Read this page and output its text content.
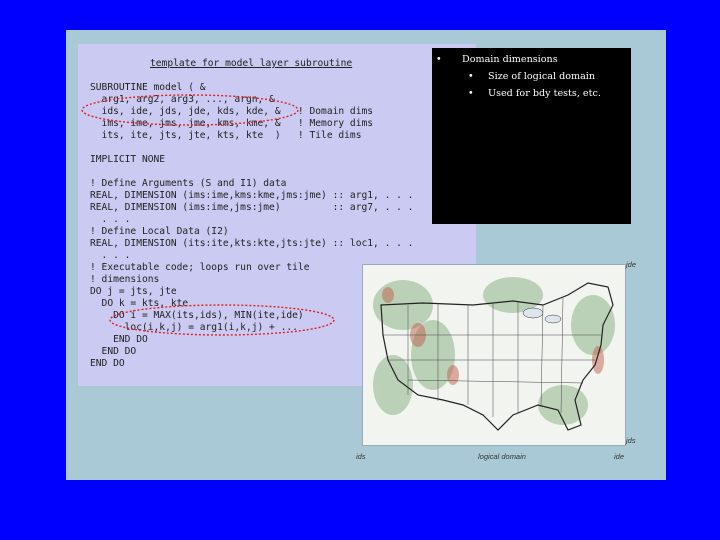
template for model layer subroutine
SUBROUTINE model ( &
arg1, arg2, arg3, ..., argn, &
ids, ide, jds, jde, kds, kde, &   ! Domain dims
ims, ime, jms, jme, kms, kme, &   ! Memory dims
its, ite, jts, jte, kts, kte  )   ! Tile dims
IMPLICIT NONE
! Define Arguments (S and I1) data
REAL, DIMENSION (ims:ime,kms:kme,jms:jme) :: arg1, . . .
REAL, DIMENSION (ims:ime,jms:jme)         :: arg7, . . .
. . .
! Define Local Data (I2)
REAL, DIMENSION (its:ite,kts:kte,jts:jte) :: loc1, . . .
. . .
! Executable code; loops run over tile
! dimensions
DO j = jts, jte
DO k = kts, kte
DO i = MAX(its,ids), MIN(ite,ide)
loc(i,k,j) = arg1(i,k,j) + ...
END DO
END DO
END DO
• Domain dimensions
• Size of logical domain
• Used for bdy tests, etc.
jde
jds
ids	logical domain	ide
